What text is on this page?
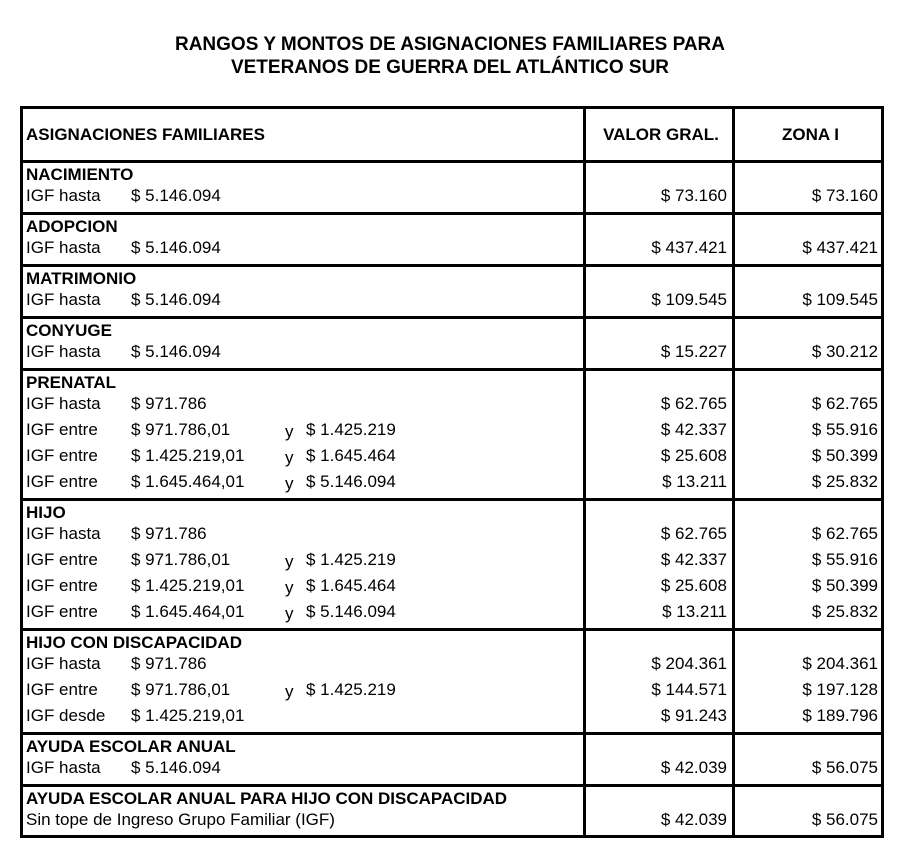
RANGOS Y MONTOS DE ASIGNACIONES FAMILIARES PARA
VETERANOS DE GUERRA DEL ATLÁNTICO SUR
ASIGNACIONES FAMILIARES	VALOR GRAL.	ZONA I
NACIMIENTO
IGF hasta $ 5.146.094	$ 73.160	$ 73.160
ADOPCION
IGF hasta $ 5.146.094	$ 437.421	$ 437.421
MATRIMONIO
IGF hasta $ 5.146.094	$ 109.545	$ 109.545
CONYUGE
IGF hasta $ 5.146.094	$ 15.227	$ 30.212
PRENATAL
IGF hasta $ 971.786	$ 62.765	$ 62.765
IGF entre $ 971.786,01	y $ 1.425.219	$ 42.337	$ 55.916
IGF entre $ 1.425.219,01 y $ 1.645.464	$ 25.608	$ 50.399
IGF entre $ 1.645.464,01 y $ 5.146.094	$ 13.211	$ 25.832
HIJO
IGF hasta $ 971.786	$ 62.765	$ 62.765
IGF entre $ 971.786,01	y $ 1.425.219	$ 42.337	$ 55.916
IGF entre $ 1.425.219,01 y $ 1.645.464	$ 25.608	$ 50.399
IGF entre $ 1.645.464,01 y $ 5.146.094	$ 13.211	$ 25.832
HIJO CON DISCAPACIDAD
IGF hasta $ 971.786	$ 204.361	$ 204.361
IGF entre $ 971.786,01	y $ 1.425.219	$ 144.571	$ 197.128
IGF desde $ 1.425.219,01	$ 91.243	$ 189.796
AYUDA ESCOLAR ANUAL
IGF hasta $ 5.146.094	$ 42.039	$ 56.075
AYUDA ESCOLAR ANUAL PARA HIJO CON DISCAPACIDAD
Sin tope de Ingreso Grupo Familiar (IGF)	$ 42.039	$ 56.075
